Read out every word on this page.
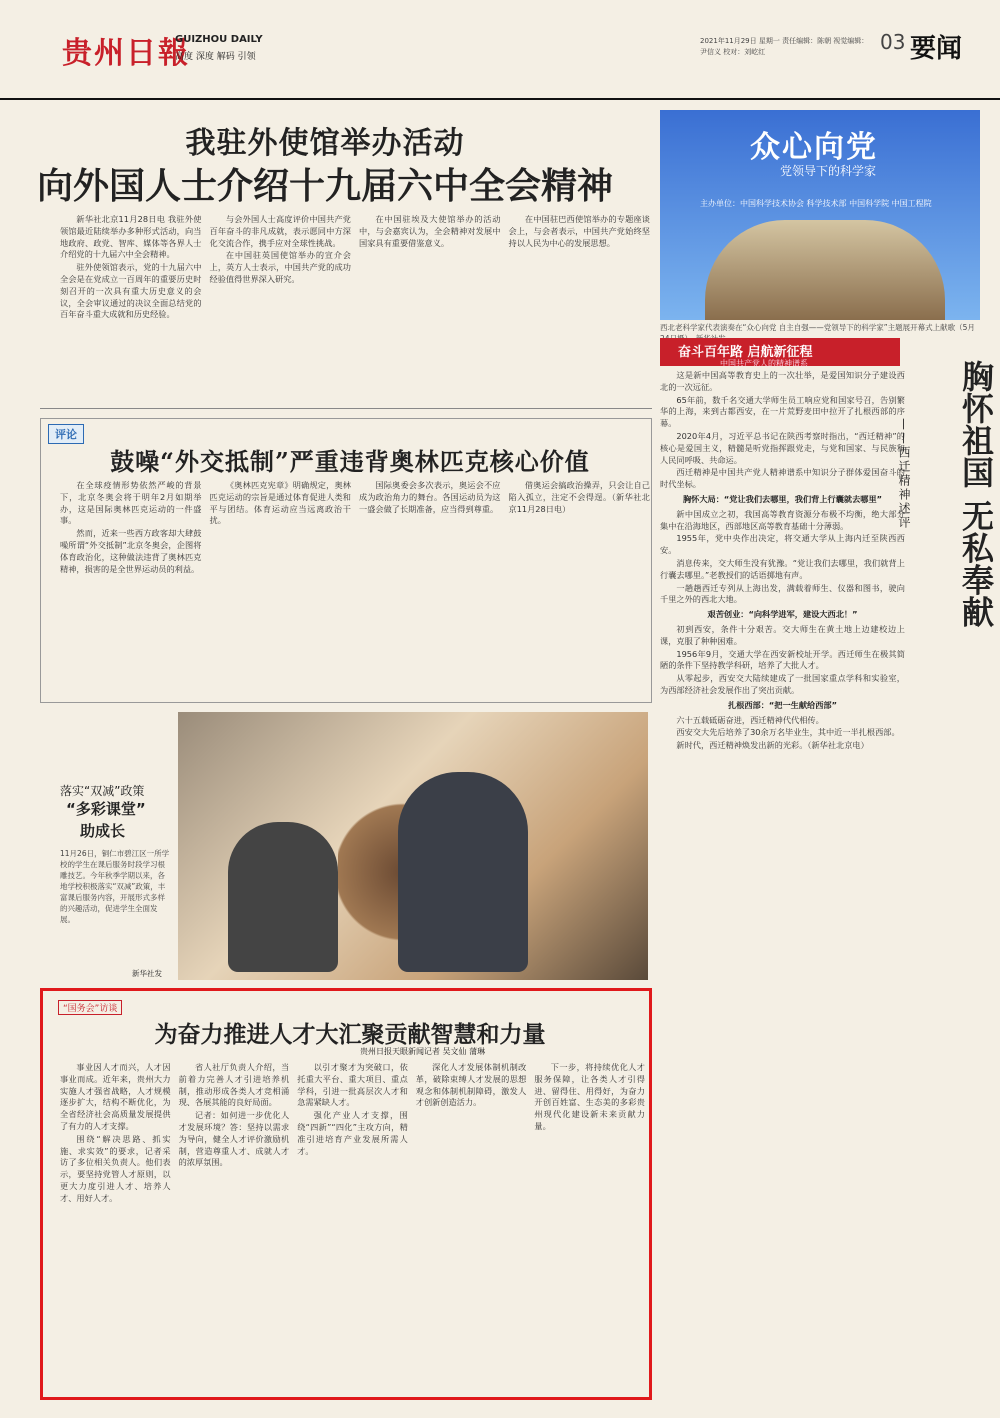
贵州日報
GUIZHOU DAILY
高度 深度 解码 引领
2021年11月29日 星期一 责任编辑：陈朝 视觉编辑：尹信义 校对：刘屹红	03 要闻
我驻外使馆举办活动
向外国人士介绍十九届六中全会精神

新华社北京11月28日电 我驻外使领馆最近陆续举办多种形式活动，向当地政府、政党、智库、媒体等各界人士介绍党的十九届六中全会精神。

驻外使领馆表示，党的十九届六中全会是在党成立一百周年的重要历史时刻召开的一次具有重大历史意义的会议，全会审议通过的决议全面总结党的百年奋斗重大成就和历史经验。

与会外国人士高度评价中国共产党百年奋斗的非凡成就，表示愿同中方深化交流合作，携手应对全球性挑战。

在中国驻英国使馆举办的宣介会上，英方人士表示，中国共产党的成功经验值得世界深入研究。

在中国驻埃及大使馆举办的活动中，与会嘉宾认为，全会精神对发展中国家具有重要借鉴意义。

在中国驻巴西使馆举办的专题座谈会上，与会者表示，中国共产党始终坚持以人民为中心的发展思想。

众心向党
党领导下的科学家
主办单位：中国科学技术协会 科学技术部 中国科学院 中国工程院
西北老科学家代表演奏在“众心向党 自主自强——党领导下的科学家”主题展开幕式上献歌（5月
奋斗百年路 启航新征程
中国共产党人的精神谱系	胸怀祖国 无私奉献
——西迁精神述评

这是新中国高等教育史上的一次壮举，是爱国知识分子建设西北的一次远征。

65年前，数千名交通大学师生员工响应党和国家号召，告别繁华的上海，来到古都西安，在一片荒野麦田中拉开了扎根西部的序幕。

2020年4月，习近平总书记在陕西考察时指出，“西迁精神”的核心是爱国主义，精髓是听党指挥跟党走，与党和国家、与民族和人民同呼吸、共命运。

西迁精神是中国共产党人精神谱系中知识分子群体爱国奋斗的时代坐标。

胸怀大局：“党让我们去哪里，我们背上行囊就去哪里”

新中国成立之初，我国高等教育资源分布极不均衡，绝大部分集中在沿海地区，西部地区高等教育基础十分薄弱。

1955年，党中央作出决定，将交通大学从上海内迁至陕西西安。

消息传来，交大师生没有犹豫。“党让我们去哪里，我们就背上行囊去哪里。”老教授们的话语掷地有声。

一趟趟西迁专列从上海出发，满载着师生、仪器和图书，驶向千里之外的西北大地。

艰苦创业：“向科学进军，建设大西北！”

初到西安，条件十分艰苦。交大师生在黄土地上边建校边上课，克服了种种困难。

1956年9月，交通大学在西安新校址开学。西迁师生在极其简陋的条件下坚持教学科研，培养了大批人才。

从零起步，西安交大陆续建成了一批国家重点学科和实验室，为西部经济社会发展作出了突出贡献。

扎根西部：“把一生献给西部”

六十五载砥砺奋进，西迁精神代代相传。

西安交大先后培养了30余万名毕业生，其中近一半扎根西部。

新时代，西迁精神焕发出新的光彩。（新华社北京电）

评论
鼓噪“外交抵制”严重违背奥林匹克核心价值

在全球疫情形势依然严峻的背景下，北京冬奥会将于明年2月如期举办，这是国际奥林匹克运动的一件盛事。

然而，近来一些西方政客却大肆鼓噪所谓“外交抵制”北京冬奥会，企图将体育政治化，这种做法违背了奥林匹克精神，损害的是全世界运动员的利益。

《奥林匹克宪章》明确规定，奥林匹克运动的宗旨是通过体育促进人类和平与团结。体育运动应当远离政治干扰。

国际奥委会多次表示，奥运会不应成为政治角力的舞台。各国运动员为这一盛会做了长期准备，应当得到尊重。

借奥运会搞政治操弄，只会让自己陷入孤立，注定不会得逞。（新华社北京11月28日电）

落实“双减”政策
“多彩课堂”
助成长
11月26日，铜仁市碧江区一所学校的学生在课后服务时段学习根雕技艺。今年秋季学期以来，各地学校积极落实“双减”政策，丰富课后服务内容，开展形式多样的兴趣活动，促进学生全面发展。
新华社发
“国务会”访谈
为奋力推进人才大汇聚贡献智慧和力量
贵州日报天眼新闻记者 吴文仙 蒲琳

事业因人才而兴，人才因事业而成。近年来，贵州大力实施人才强省战略，人才规模逐步扩大，结构不断优化，为全省经济社会高质量发展提供了有力的人才支撑。

围绕“解决思路、抓实施、求实效”的要求，记者采访了多位相关负责人。他们表示，要坚持党管人才原则，以更大力度引进人才、培养人才、用好人才。

省人社厅负责人介绍，当前着力完善人才引进培养机制，推动形成各类人才竞相涌现、各展其能的良好局面。

记者：如何进一步优化人才发展环境？答：坚持以需求为导向，健全人才评价激励机制，营造尊重人才、成就人才的浓厚氛围。

以引才聚才为突破口，依托重大平台、重大项目、重点学科，引进一批高层次人才和急需紧缺人才。

强化产业人才支撑，围绕“四新”“四化”主攻方向，精准引进培育产业发展所需人才。

深化人才发展体制机制改革，破除束缚人才发展的思想观念和体制机制障碍，激发人才创新创造活力。

下一步，将持续优化人才服务保障，让各类人才引得进、留得住、用得好，为奋力开创百姓富、生态美的多彩贵州现代化建设新未来贡献力量。
